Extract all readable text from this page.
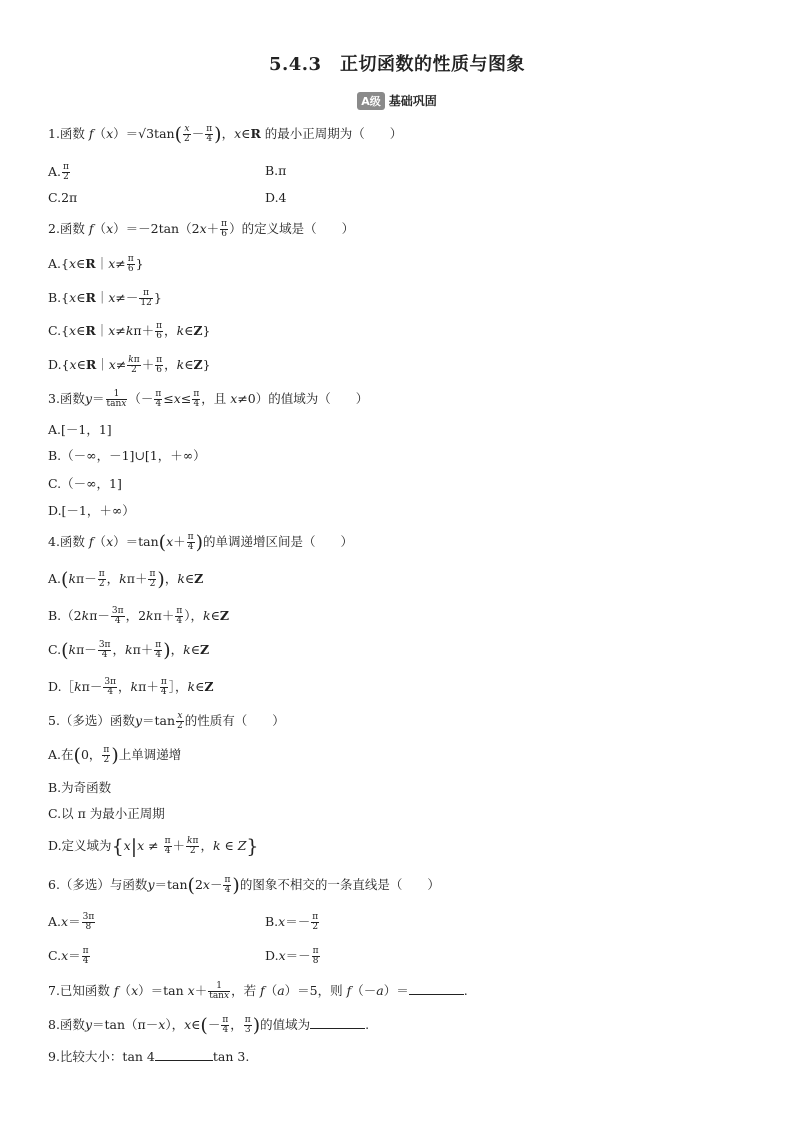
5.4.3　正切函数的性质与图象
A级 基础巩固
1.函数 $f(x)=√3\tan( \frac{x}{2} - \frac{\pi}{4}$ )，x∈R 的最小正周期为（　　）
A. $\frac{\pi}{2}$	B.π
C.2π	D.4
2.函数 $f(x)=-2\tan(2x+ \frac{\pi}{6}$ ）的定义域是（　　）
A.{x∈R｜x≠ $\frac{\pi}{6}$ }
B.{x∈R｜x≠－ $\frac{\pi}{12}$ }
C.{x∈R｜x≠kπ＋ $\frac{\pi}{6}$ ，k∈Z}
D.{x∈R｜x≠ $\frac{k\pi}{2} + \frac{\pi}{6}$ ，k∈Z}
3.函数$y= \frac{1}{\tan x}$ （－ $\frac{\pi}{4} \le x\le \frac{\pi}{4}$ ，且 x≠0）的值域为（　　）
A.[－1，1]
B.（－∞，－1]∪[1，＋∞）
C.（－∞，1]
D.[－1，＋∞）
4.函数 $f(x)=\tan(x+ \frac{\pi}{4}$ )的单调递增区间是（　　）
$A.(k\pi- \frac{\pi}{2}$ ，$k\pi+ \frac{\pi}{2}$ )，k∈Z
$B.(2k\pi- \frac{3\pi}{4}$ ，$2k\pi+ \frac{\pi}{4}$ ），k∈Z
$C.(k\pi- \frac{3\pi}{4}$ ，$k\pi+ \frac{\pi}{4}$ )，k∈Z
D.［kπ－ $\frac{3\pi}{4}$ ，$k\pi+ \frac{\pi}{4}$ ］，k∈Z
5.（多选）函数$y=\tan \frac{x}{2}$ 的性质有（　　）
A.在(0， $\frac{\pi}{2}$ )上单调递增
B.为奇函数
C.以 π 为最小正周期
D.定义域为{$x|x \ne \frac{\pi}{4} + \frac{k\pi}{2}$ ，k ∈ Z}
6.（多选）与函数$y=\tan(2x- \frac{\pi}{4}$ )的图象不相交的一条直线是（　　）
$A.x= \frac{3\pi}{8}$	$B.x=- \frac{\pi}{2}$
$C.x= \frac{\pi}{4}$	$D.x=- \frac{\pi}{8}$
7.已知函数 f（x）＝tan $x+ \frac{1}{\tan x}$ ，若 f（a）＝5，则 f（－a）＝	.
8.函数y＝tan（π－x），x∈(－ $\frac{\pi}{4}$ ， $\frac{\pi}{3}$ )的值域为	.
9.比较大小：tan 4	tan 3.
